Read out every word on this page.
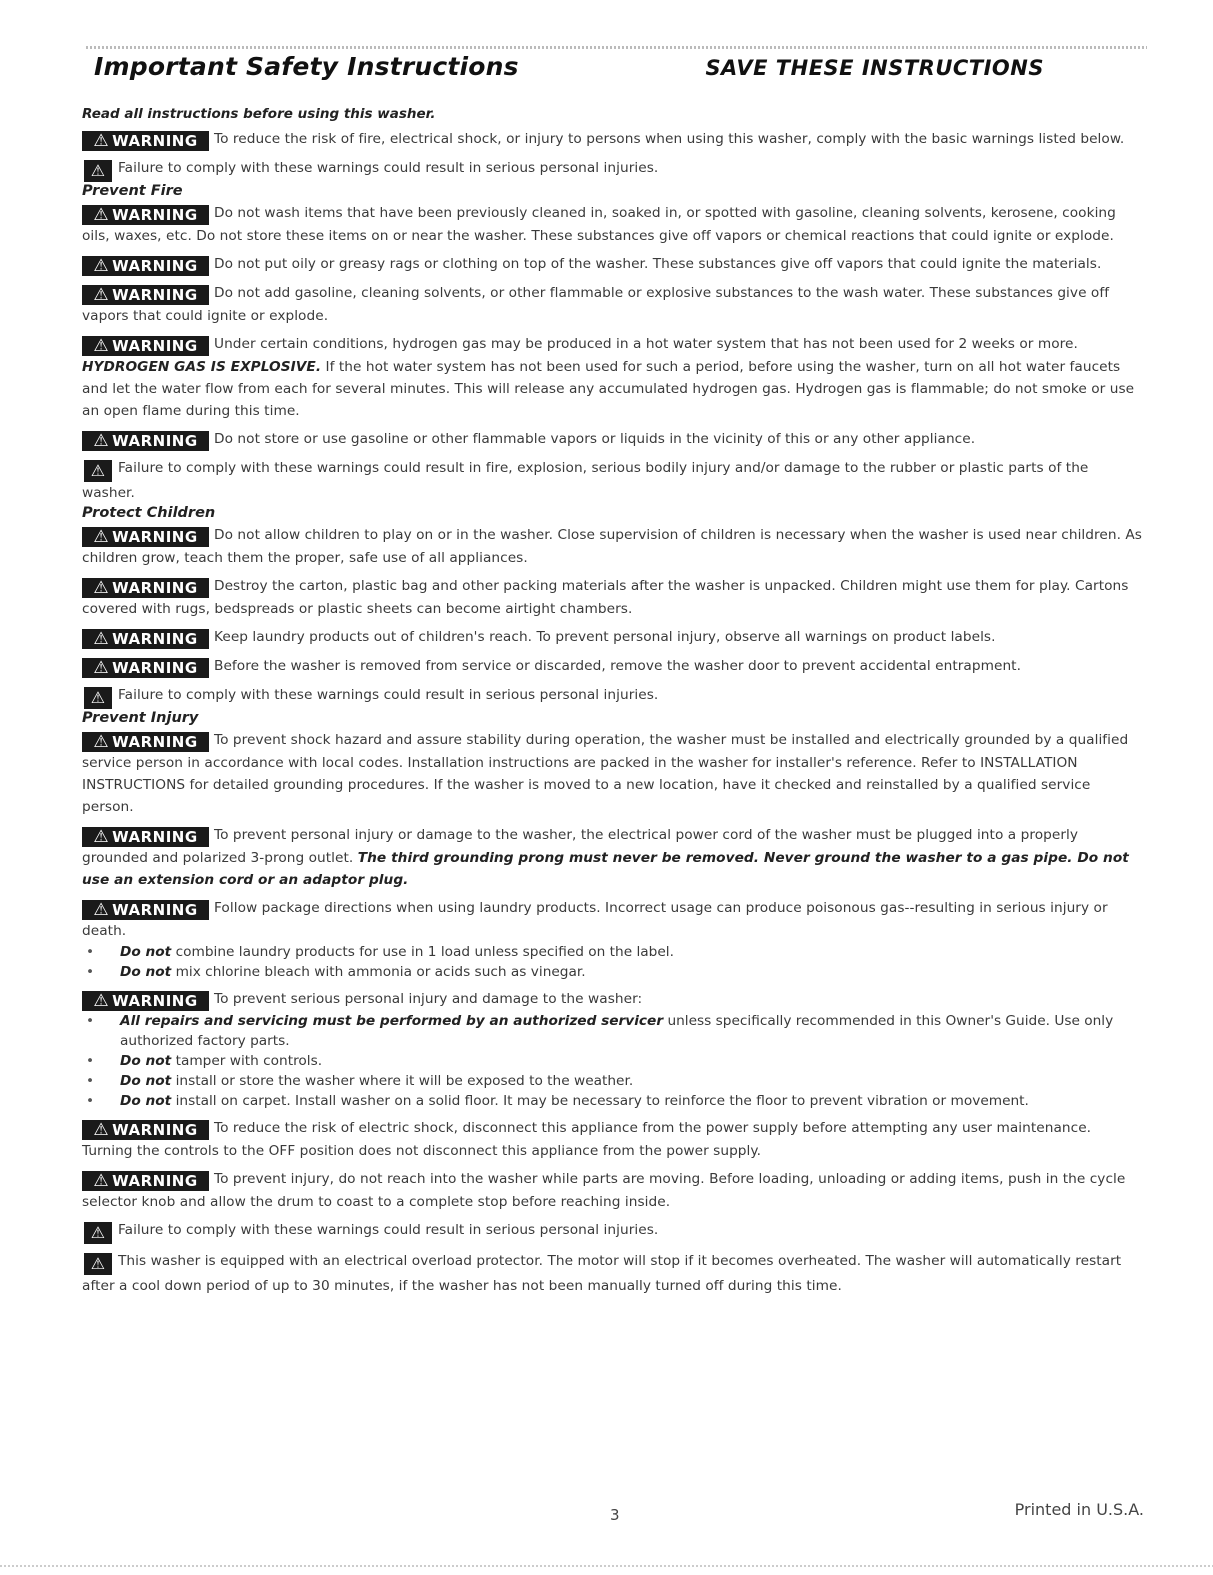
Important Safety Instructions	SAVE THESE INSTRUCTIONS
Read all instructions before using this washer.

⚠ WARNING To reduce the risk of fire, electrical shock, or injury to persons when using this washer, comply with the basic warnings listed below.

⚠ Failure to comply with these warnings could result in serious personal injuries.

Prevent Fire

⚠ WARNING Do not wash items that have been previously cleaned in, soaked in, or spotted with gasoline, cleaning solvents, kerosene, cooking oils, waxes, etc. Do not store these items on or near the washer. These substances give off vapors or chemical reactions that could ignite or explode.

⚠ WARNING Do not put oily or greasy rags or clothing on top of the washer. These substances give off vapors that could ignite the materials.

⚠ WARNING Do not add gasoline, cleaning solvents, or other flammable or explosive substances to the wash water. These substances give off vapors that could ignite or explode.

⚠ WARNING Under certain conditions, hydrogen gas may be produced in a hot water system that has not been used for 2 weeks or more. HYDROGEN GAS IS EXPLOSIVE. If the hot water system has not been used for such a period, before using the washer, turn on all hot water faucets and let the water flow from each for several minutes. This will release any accumulated hydrogen gas. Hydrogen gas is flammable; do not smoke or use an open flame during this time.

⚠ WARNING Do not store or use gasoline or other flammable vapors or liquids in the vicinity of this or any other appliance.

⚠ Failure to comply with these warnings could result in fire, explosion, serious bodily injury and/or damage to the rubber or plastic parts of the washer.

Protect Children

⚠ WARNING Do not allow children to play on or in the washer. Close supervision of children is necessary when the washer is used near children. As children grow, teach them the proper, safe use of all appliances.

⚠ WARNING Destroy the carton, plastic bag and other packing materials after the washer is unpacked. Children might use them for play. Cartons covered with rugs, bedspreads or plastic sheets can become airtight chambers.

⚠ WARNING Keep laundry products out of children's reach. To prevent personal injury, observe all warnings on product labels.

⚠ WARNING Before the washer is removed from service or discarded, remove the washer door to prevent accidental entrapment.

⚠ Failure to comply with these warnings could result in serious personal injuries.

Prevent Injury

⚠ WARNING To prevent shock hazard and assure stability during operation, the washer must be installed and electrically grounded by a qualified service person in accordance with local codes. Installation instructions are packed in the washer for installer's reference. Refer to INSTALLATION INSTRUCTIONS for detailed grounding procedures. If the washer is moved to a new location, have it checked and reinstalled by a qualified service person.

⚠ WARNING To prevent personal injury or damage to the washer, the electrical power cord of the washer must be plugged into a properly grounded and polarized 3-prong outlet. The third grounding prong must never be removed. Never ground the washer to a gas pipe. Do not use an extension cord or an adaptor plug.

⚠ WARNING Follow package directions when using laundry products. Incorrect usage can produce poisonous gas--resulting in serious injury or death.

• Do not combine laundry products for use in 1 load unless specified on the label.
• Do not mix chlorine bleach with ammonia or acids such as vinegar.

⚠ WARNING To prevent serious personal injury and damage to the washer:

• All repairs and servicing must be performed by an authorized servicer unless specifically recommended in this Owner's Guide. Use only authorized factory parts.
• Do not tamper with controls.
• Do not install or store the washer where it will be exposed to the weather.
• Do not install on carpet. Install washer on a solid floor. It may be necessary to reinforce the floor to prevent vibration or movement.

⚠ WARNING To reduce the risk of electric shock, disconnect this appliance from the power supply before attempting any user maintenance. Turning the controls to the OFF position does not disconnect this appliance from the power supply.

⚠ WARNING To prevent injury, do not reach into the washer while parts are moving. Before loading, unloading or adding items, push in the cycle selector knob and allow the drum to coast to a complete stop before reaching inside.

⚠ Failure to comply with these warnings could result in serious personal injuries.

⚠ This washer is equipped with an electrical overload protector. The motor will stop if it becomes overheated. The washer will automatically restart after a cool down period of up to 30 minutes, if the washer has not been manually turned off during this time.

3	Printed in U.S.A.
